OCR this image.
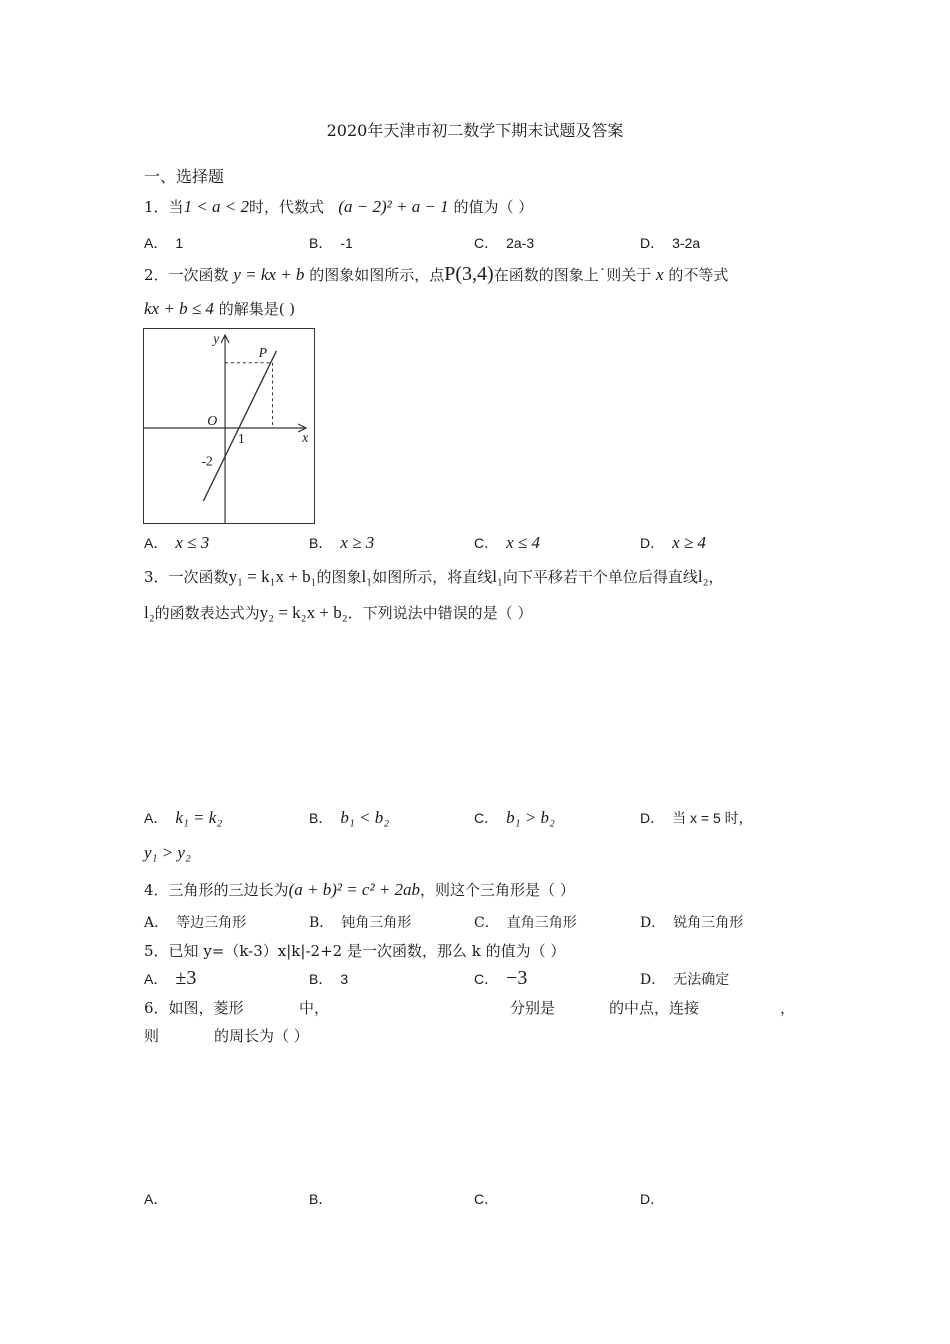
2020年天津市初二数学下期末试题及答案
一、选择题
1．当1 < a < 2时，代数式 (a − 2)² + a − 1 的值为（ ）
A． 1	B． -1	C． 2a-3	D． 3-2a
2．一次函数 y = kx + b 的图象如图所示，点P(3,4)在函数的图象上˙则关于 x 的不等式
kx + b ≤ 4 的解集是( )
y
x
O
P
1
-2
A． x ≤ 3	B． x ≥ 3	C． x ≤ 4	D． x ≥ 4
3．一次函数y₁ = k₁x + b₁的图象l₁如图所示，将直线l₁向下平移若干个单位后得直线l₂，
l₂的函数表达式为y₂ = k₂x + b₂．下列说法中错误的是（ ）
A． k₁ = k₂	B． b₁ < b₂	C． b₁ > b₂	D． 当 x = 5 时，
y₁ > y₂
4．三角形的三边长为(a + b)² = c² + 2ab，则这个三角形是（ ）
A． 等边三角形	B． 钝角三角形	C． 直角三角形	D． 锐角三角形
5．已知 y=（k-3）x|k|-2+2 是一次函数，那么 k 的值为（ ）
A． ±3	B． 3	C． −3	D． 无法确定
6．如图，菱形	中，	分别是	的中点，连接	，
则	的周长为（ ）
A．	B．	C．	D．
